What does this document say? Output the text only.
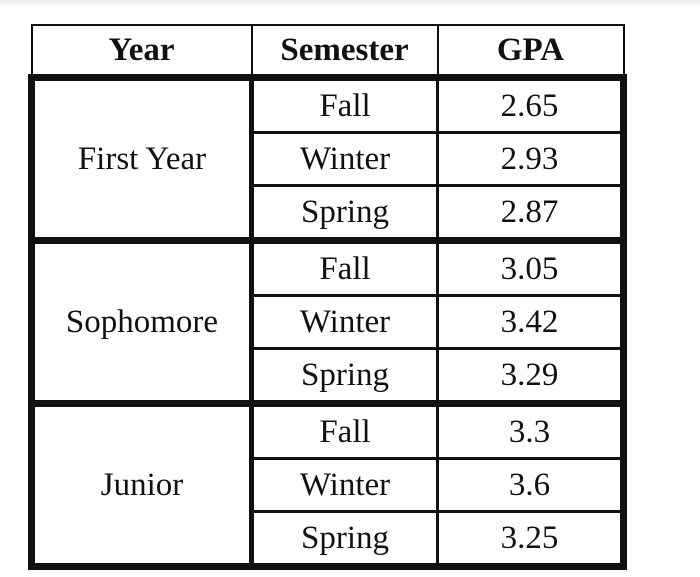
Year	Semester	GPA
First Year	Fall	2.65
	Winter	2.93
	Spring	2.87
Sophomore	Fall	3.05
	Winter	3.42
	Spring	3.29
Junior	Fall	3.3
	Winter	3.6
	Spring	3.25
